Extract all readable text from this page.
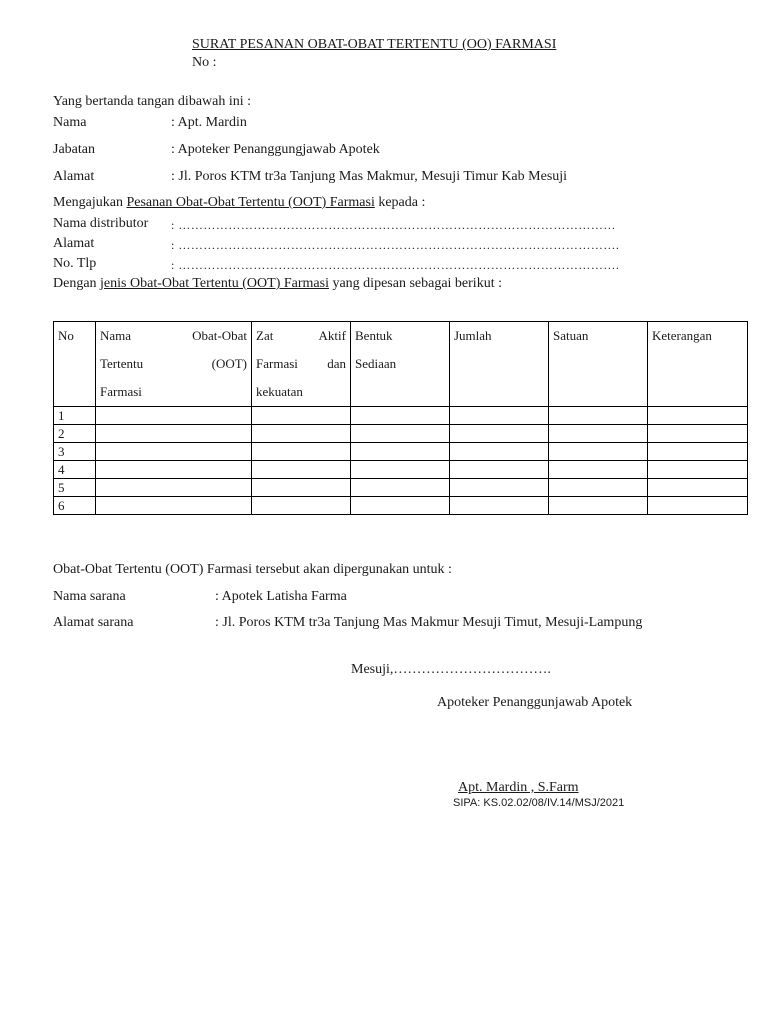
SURAT PESANAN OBAT-OBAT TERTENTU (OO) FARMASI
No :
Yang bertanda tangan dibawah ini :
Nama	: Apt. Mardin
Jabatan	: Apoteker Penanggungjawab Apotek
Alamat	: Jl. Poros KTM tr3a Tanjung Mas Makmur, Mesuji Timur Kab Mesuji
Mengajukan Pesanan Obat-Obat Tertentu (OOT) Farmasi kepada :
Nama distributor : ……………………………………………………………………………………………
Alamat	: …………………………………………………………………………………………….
No. Tlp	: …………………………………………………………………………………………….
Dengan jenis Obat-Obat Tertentu (OOT) Farmasi yang dipesan sebagai berikut :
No	Nama Obat-Obat
Tertentu (OOT)
Farmasi	Zat Aktif
Farmasi dan
kekuatan	Bentuk
Sediaan	Jumlah	Satuan	Keterangan
1						
2						
3						
4						
5						
6						
Obat-Obat Tertentu (OOT) Farmasi tersebut akan dipergunakan untuk :
Nama sarana	: Apotek Latisha Farma
Alamat sarana	: Jl. Poros KTM tr3a Tanjung Mas Makmur Mesuji Timut, Mesuji-Lampung
Mesuji,…………………………….
Apoteker Penanggunjawab Apotek
Apt. Mardin , S.Farm
SIPA: KS.02.02/08/IV.14/MSJ/2021
